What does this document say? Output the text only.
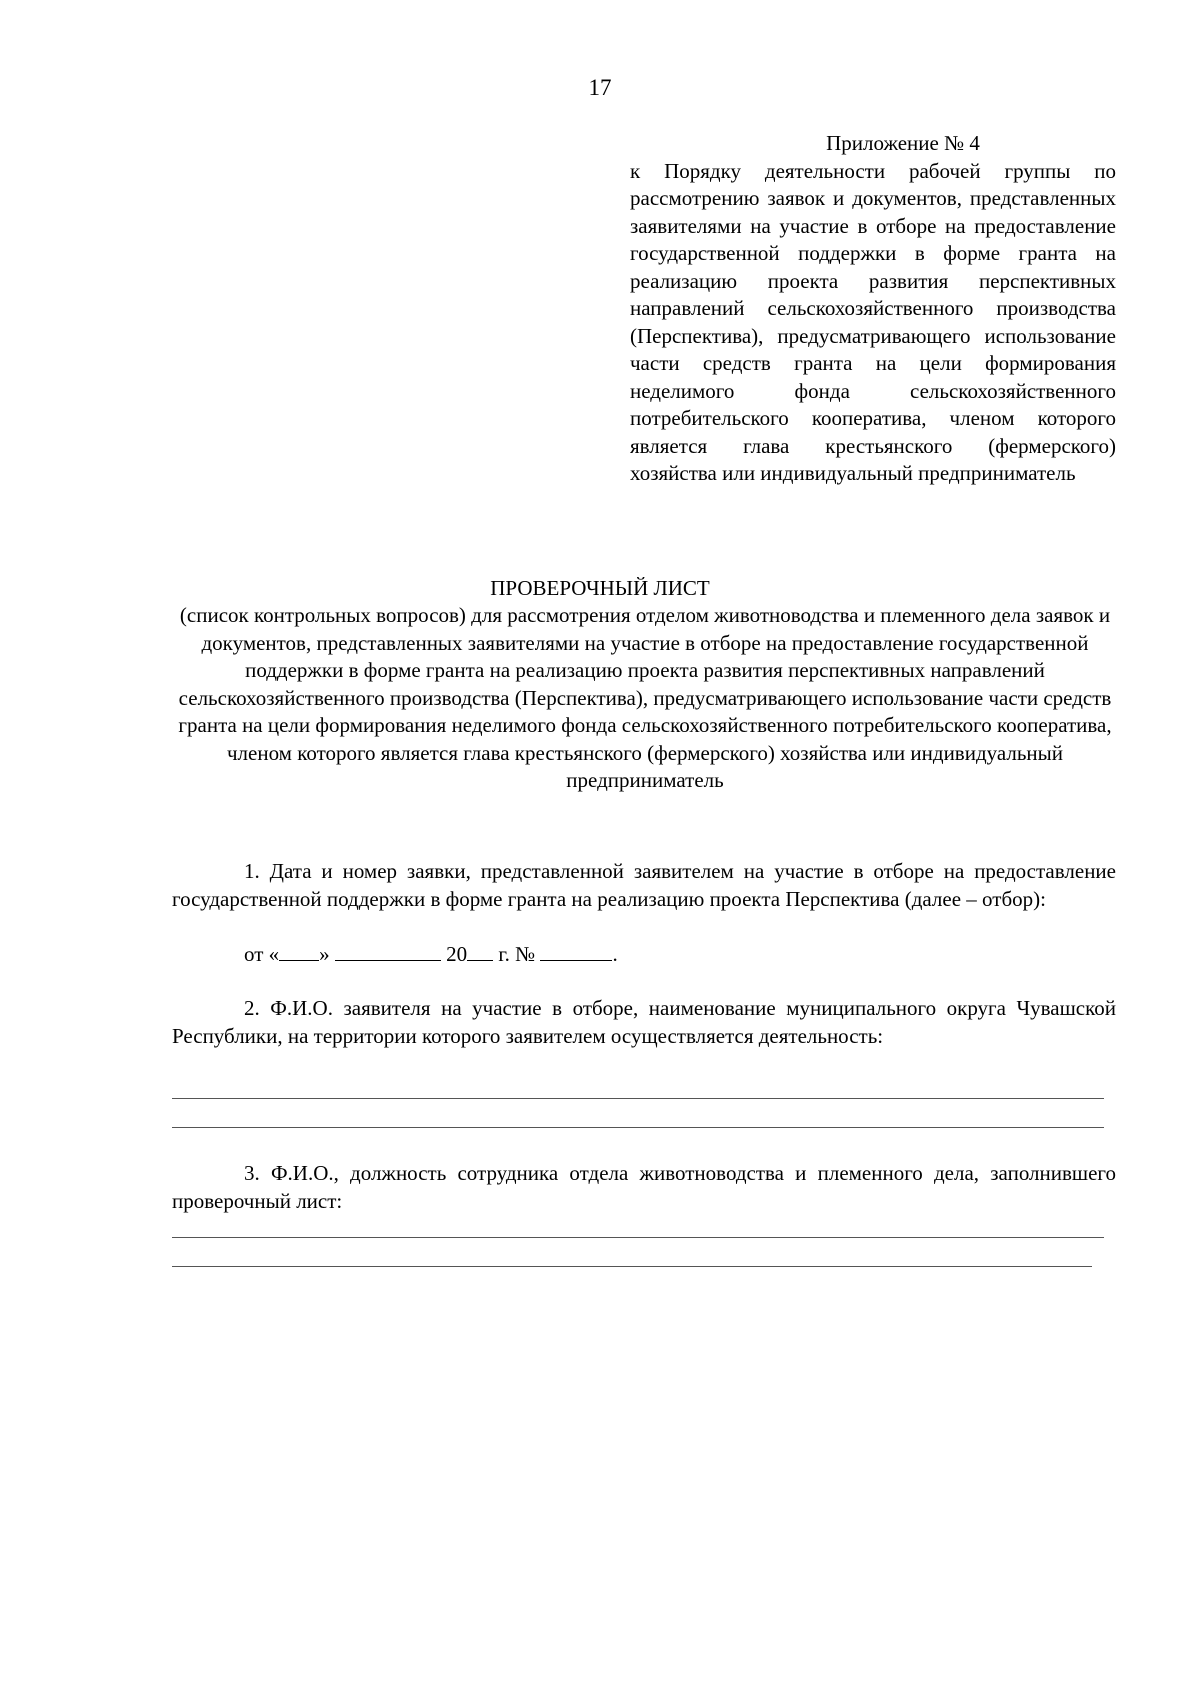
17
Приложение № 4
к Порядку деятельности рабочей группы по рассмотрению заявок и документов, представленных заявителями на участие в отборе на предоставление государственной поддержки в форме гранта на реализацию проекта развития перспективных направлений сельскохозяйственного производства (Перспектива), предусматривающего использование части средств гранта на цели формирования неделимого фонда сельскохозяйственного потребительского кооператива, членом которого является глава крестьянского (фермерского) хозяйства или индивидуальный предприниматель
ПРОВЕРОЧНЫЙ ЛИСТ
(список контрольных вопросов) для рассмотрения отделом животноводства и племенного дела заявок и документов, представленных заявителями на участие в отборе на предоставление государственной поддержки в форме гранта на реализацию проекта развития перспективных направлений сельскохозяйственного производства (Перспектива), предусматривающего использование части средств гранта на цели формирования неделимого фонда сельскохозяйственного потребительского кооператива, членом которого является глава крестьянского (фермерского) хозяйства или индивидуальный предприниматель
1. Дата и номер заявки, представленной заявителем на участие в отборе на предоставление государственной поддержки в форме гранта на реализацию проекта Перспектива (далее – отбор):
от « »	20 г. №	.
2. Ф.И.О. заявителя на участие в отборе, наименование муниципального округа Чувашской Республики, на территории которого заявителем осуществляется деятельность:
3. Ф.И.О., должность сотрудника отдела животноводства и племенного дела, заполнившего проверочный лист:
